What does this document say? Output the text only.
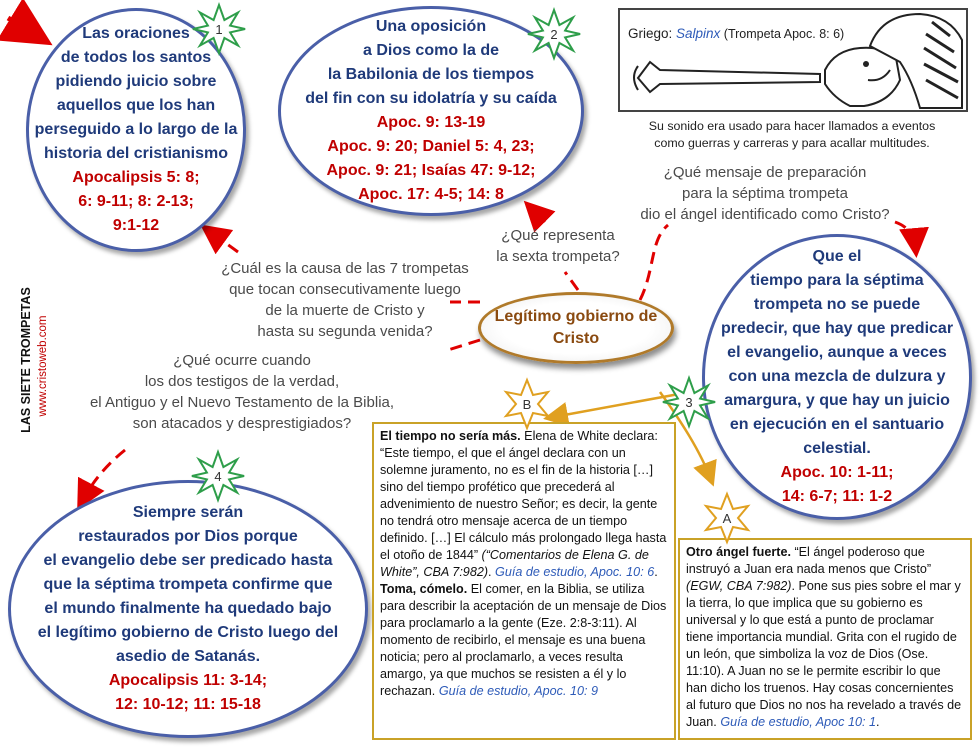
LAS SIETE TROMPETAS www.cristoweb.com
Las oraciones
de todos los santos
pidiendo juicio sobre
aquellos que los han
perseguido a lo largo de la
historia del cristianismo
Apocalipsis 5: 8;
6: 9-11; 8: 2-13;
9:1-12
Una oposición
a Dios como la de
la Babilonia de los tiempos
del fin con su idolatría y su caída
Apoc. 9: 13-19
Apoc. 9: 20; Daniel 5: 4, 23;
Apoc. 9: 21; Isaías 47: 9-12;
Apoc. 17: 4-5; 14: 8
Que el
tiempo para la séptima
trompeta no se puede
predecir, que hay que predicar
el evangelio, aunque a veces
con una mezcla de dulzura y
amargura, y que hay un juicio
en ejecución en el santuario
celestial.
Apoc. 10: 1-11;
14: 6-7; 11: 1-2
Siempre serán
restaurados por Dios porque
el evangelio debe ser predicado hasta
que la séptima trompeta confirme que
el mundo finalmente ha quedado bajo
el legítimo gobierno de Cristo luego del
asedio de Satanás.
Apocalipsis 11: 3-14;
12: 10-12; 11: 15-18
Legítimo gobierno de
Cristo
¿Cuál es la causa de las 7 trompetas
que tocan consecutivamente luego
de la muerte de Cristo y
hasta su segunda venida?
¿Qué representa
la sexta trompeta?
¿Qué mensaje de preparación
para la séptima trompeta
dio el ángel identificado como Cristo?
¿Qué ocurre cuando
los dos testigos de la verdad,
el Antiguo y el Nuevo Testamento de la Biblia,
son atacados y desprestigiados?
Griego: Salpinx (Trompeta Apoc. 8: 6)
Su sonido era usado para hacer llamados a eventos
como guerras y carreras y para acallar multitudes.
El tiempo no sería más. Elena de White declara: “Este tiempo, el que el ángel declara con un solemne juramento, no es el fin de la historia […] sino del tiempo profético que precederá al advenimiento de nuestro Señor; es decir, la gente no tendrá otro mensaje acerca de un tiempo definido. […] El cálculo más prolongado llega hasta el otoño de 1844” (“Comentarios de Elena G. de White”, CBA 7:982). Guía de estudio, Apoc. 10: 6.
Toma, cómelo. El comer, en la Biblia, se utiliza para describir la aceptación de un mensaje de Dios para proclamarlo a la gente (Eze. 2:8-3:11). Al momento de recibirlo, el mensaje es una buena noticia; pero al proclamarlo, a veces resulta amargo, ya que muchos se resisten a él y lo rechazan. Guía de estudio, Apoc. 10: 9
Otro ángel fuerte. “El ángel poderoso que instruyó a Juan era nada menos que Cristo” (EGW, CBA 7:982). Pone sus pies sobre el mar y la tierra, lo que implica que su gobierno es universal y lo que está a punto de proclamar tiene importancia mundial. Grita con el rugido de un león, que simboliza la voz de Dios (Ose. 11:10). A Juan no se le permite escribir lo que han dicho los truenos. Hay cosas concernientes al futuro que Dios no nos ha revelado a través de Juan. Guía de estudio, Apoc 10: 1.
1	2
3
4
B
A
